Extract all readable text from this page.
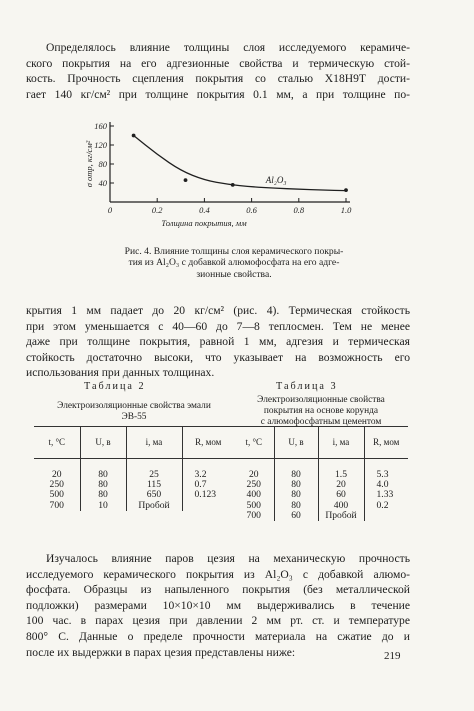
Определялось влияние толщины слоя исследуемого керамиче-
ского покрытия на его адгезионные свойства и термическую стой-
кость. Прочность сцепления покрытия со сталью Х18Н9Т дости-
гает 140 кг/см² при толщине покрытия 0.1 мм, а при толщине по-

40
80
120
160
0	0.2	0.4	0.6	0.8	1.0
σ отр, кг/см²
Толщина покрытия, мм
Al₂O₃

Рис. 4. Влияние толщины слоя керамического покры-
тия из Al₂O₃ с добавкой алюмофосфата на его адге-
зионные свойства.

крытия 1 мм падает до 20 кг/см² (рис. 4). Термическая стойкость
при этом уменьшается с 40—60 до 7—8 теплосмен. Тем не менее
даже при толщине покрытия, равной 1 мм, адгезия и термическая
стойкость достаточно высоки, что указывает на возможность его
использования при данных толщинах.

Таблица 2
Электроизоляционные свойства эмали
ЭВ-55
Таблица 3
Электроизоляционные свойства
покрытия на основе корунда
с алюмофосфатным цементом
t, °С	U, в	i, ма	R, мом

20	80	25	3.2
250	80	115	0.7
500	80	650	0.123
700	10	Пробой	
t, °С	U, в	i, ма	R, мом

20	80	1.5	5.3
250	80	20	4.0
400	80	60	1.33
500	80	400	0.2
700	60	Пробой	

Изучалось влияние паров цезия на механическую прочность
исследуемого керамического покрытия из Al₂O₃ с добавкой алюмо-
фосфата. Образцы из напыленного покрытия (без металлической
подложки) размерами 10×10×10 мм выдерживались в течение
100 час. в парах цезия при давлении 2 мм рт. ст. и температуре
800° С. Данные о пределе прочности материала на сжатие до и
после их выдержки в парах цезия представлены ниже:	219
